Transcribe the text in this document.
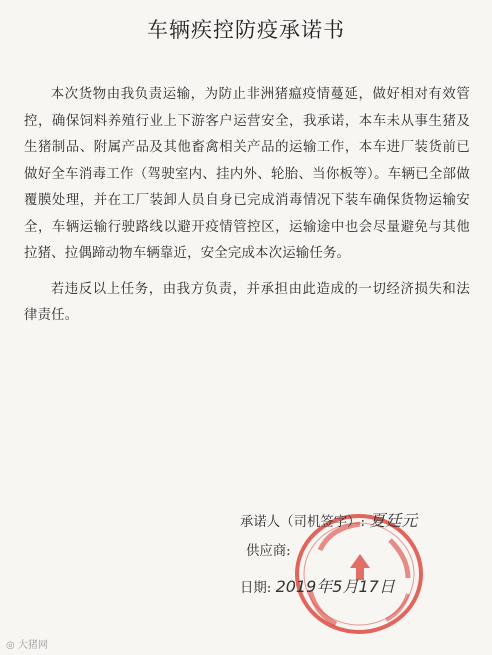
车辆疾控防疫承诺书

本次货物由我负责运输，为防止非洲猪瘟疫情蔓延，做好相对有效管控，确保饲料养殖行业上下游客户运营安全，我承诺，本车未从事生猪及生猪制品、附属产品及其他畜禽相关产品的运输工作，本车进厂装货前已做好全车消毒工作（驾驶室内、挂内外、轮胎、当你板等）。车辆已全部做覆膜处理，并在工厂装卸人员自身已完成消毒情况下装车确保货物运输安全，车辆运输行驶路线以避开疫情管控区，运输途中也会尽量避免与其他拉猪、拉偶蹄动物车辆靠近，安全完成本次运输任务。

若违反以上任务，由我方负责，并承担由此造成的一切经济损失和法律责任。

承诺人（司机签字）: 夏廷元
供应商:
日期: 2019年5月17日
◎ 大猪网
